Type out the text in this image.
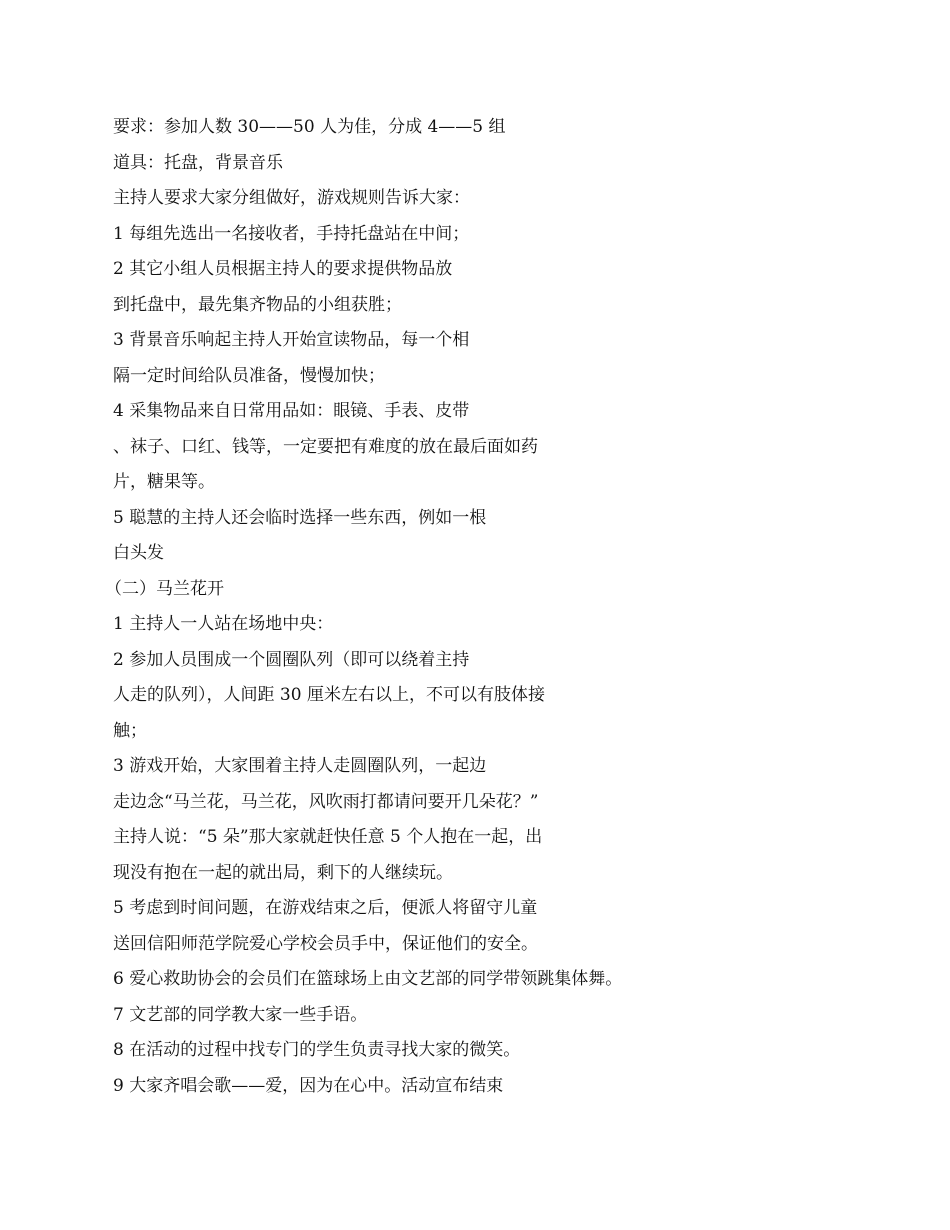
要求：参加人数 30——50 人为佳，分成 4——5 组

道具：托盘，背景音乐

主持人要求大家分组做好，游戏规则告诉大家：

1 每组先选出一名接收者，手持托盘站在中间；

2 其它小组人员根据主持人的要求提供物品放

到托盘中，最先集齐物品的小组获胜；

3 背景音乐响起主持人开始宣读物品，每一个相

隔一定时间给队员准备，慢慢加快；

4 采集物品来自日常用品如：眼镜、手表、皮带

、袜子、口红、钱等，一定要把有难度的放在最后面如药

片，糖果等。

5 聪慧的主持人还会临时选择一些东西，例如一根

白头发

（二）马兰花开

1 主持人一人站在场地中央：

2 参加人员围成一个圆圈队列（即可以绕着主持

人走的队列），人间距 30 厘米左右以上，不可以有肢体接

触；

3 游戏开始，大家围着主持人走圆圈队列，一起边

走边念“马兰花，马兰花，风吹雨打都请问要开几朵花？”

主持人说：“5 朵”那大家就赶快任意 5 个人抱在一起，出

现没有抱在一起的就出局，剩下的人继续玩。

5 考虑到时间问题，在游戏结束之后，便派人将留守儿童

送回信阳师范学院爱心学校会员手中，保证他们的安全。

6 爱心救助协会的会员们在篮球场上由文艺部的同学带领跳集体舞。

7 文艺部的同学教大家一些手语。

8 在活动的过程中找专门的学生负责寻找大家的微笑。

9 大家齐唱会歌——爱，因为在心中。活动宣布结束
